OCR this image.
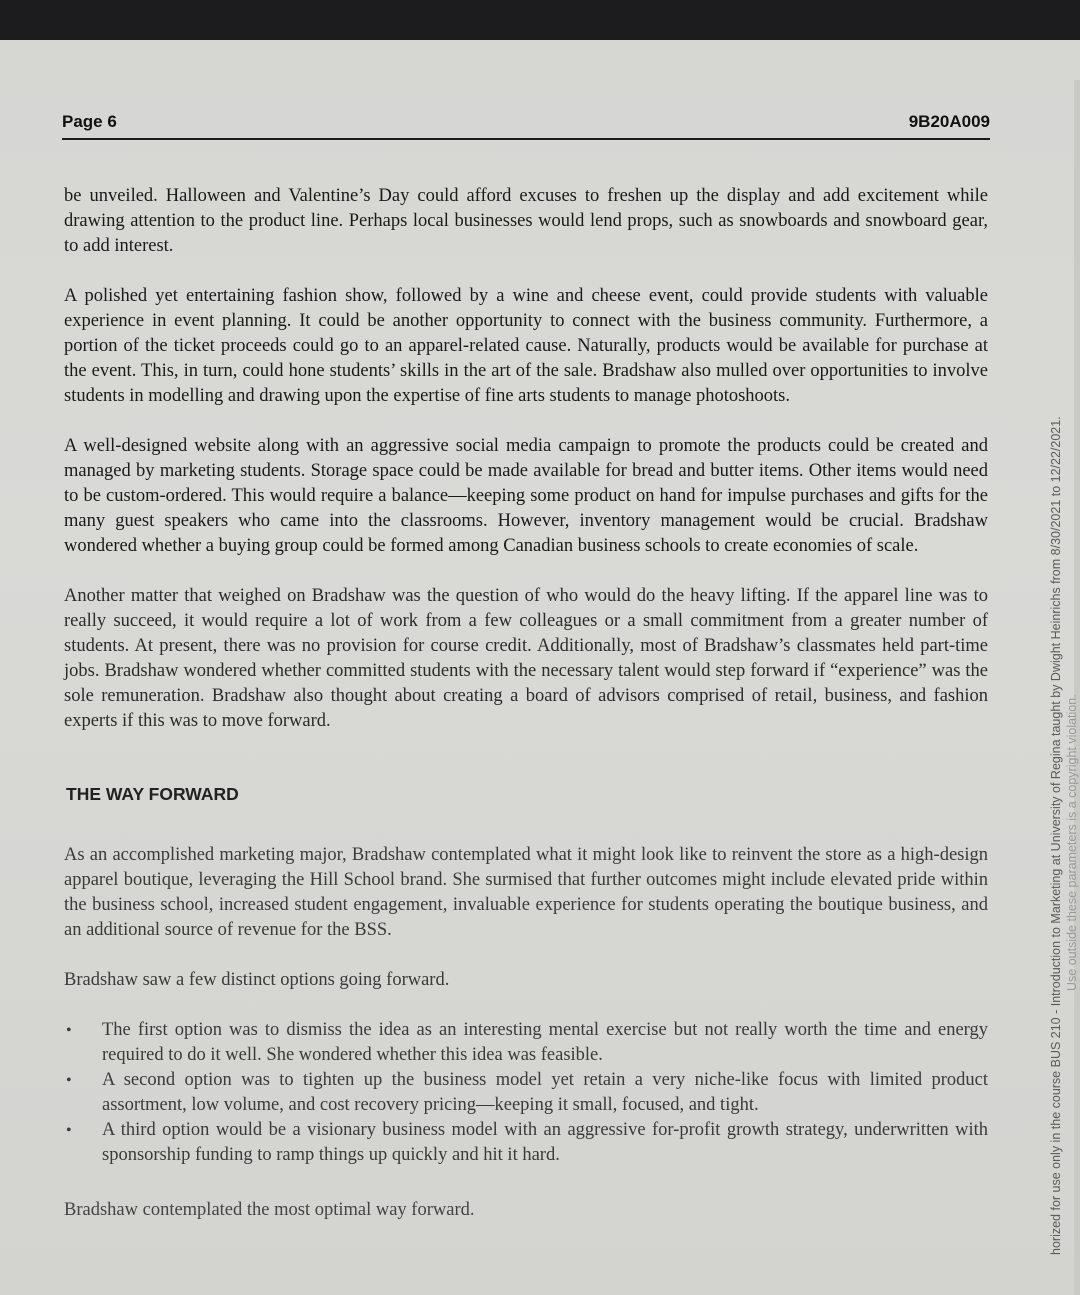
Page 6	9B20A009

be unveiled. Halloween and Valentine’s Day could afford excuses to freshen up the display and add excitement while drawing attention to the product line. Perhaps local businesses would lend props, such as snowboards and snowboard gear, to add interest.

A polished yet entertaining fashion show, followed by a wine and cheese event, could provide students with valuable experience in event planning. It could be another opportunity to connect with the business community. Furthermore, a portion of the ticket proceeds could go to an apparel-related cause. Naturally, products would be available for purchase at the event. This, in turn, could hone students’ skills in the art of the sale. Bradshaw also mulled over opportunities to involve students in modelling and drawing upon the expertise of fine arts students to manage photoshoots.

A well-designed website along with an aggressive social media campaign to promote the products could be created and managed by marketing students. Storage space could be made available for bread and butter items. Other items would need to be custom-ordered. This would require a balance—keeping some product on hand for impulse purchases and gifts for the many guest speakers who came into the classrooms. However, inventory management would be crucial. Bradshaw wondered whether a buying group could be formed among Canadian business schools to create economies of scale.

Another matter that weighed on Bradshaw was the question of who would do the heavy lifting. If the apparel line was to really succeed, it would require a lot of work from a few colleagues or a small commitment from a greater number of students. At present, there was no provision for course credit. Additionally, most of Bradshaw’s classmates held part-time jobs. Bradshaw wondered whether committed students with the necessary talent would step forward if “experience” was the sole remuneration. Bradshaw also thought about creating a board of advisors comprised of retail, business, and fashion experts if this was to move forward.

THE WAY FORWARD

As an accomplished marketing major, Bradshaw contemplated what it might look like to reinvent the store as a high-design apparel boutique, leveraging the Hill School brand. She surmised that further outcomes might include elevated pride within the business school, increased student engagement, invaluable experience for students operating the boutique business, and an additional source of revenue for the BSS.

Bradshaw saw a few distinct options going forward.

• The first option was to dismiss the idea as an interesting mental exercise but not really worth the time and energy required to do it well. She wondered whether this idea was feasible.
• A second option was to tighten up the business model yet retain a very niche-like focus with limited product assortment, low volume, and cost recovery pricing—keeping it small, focused, and tight.
• A third option would be a visionary business model with an aggressive for-profit growth strategy, underwritten with sponsorship funding to ramp things up quickly and hit it hard.

Bradshaw contemplated the most optimal way forward.	horized for use only in the course BUS 210 - Introduction to Marketing at University of Regina taught by Dwight Heinrichs from 8/30/2021 to 12/22/2021. Use outside these parameters is a copyright violation.
